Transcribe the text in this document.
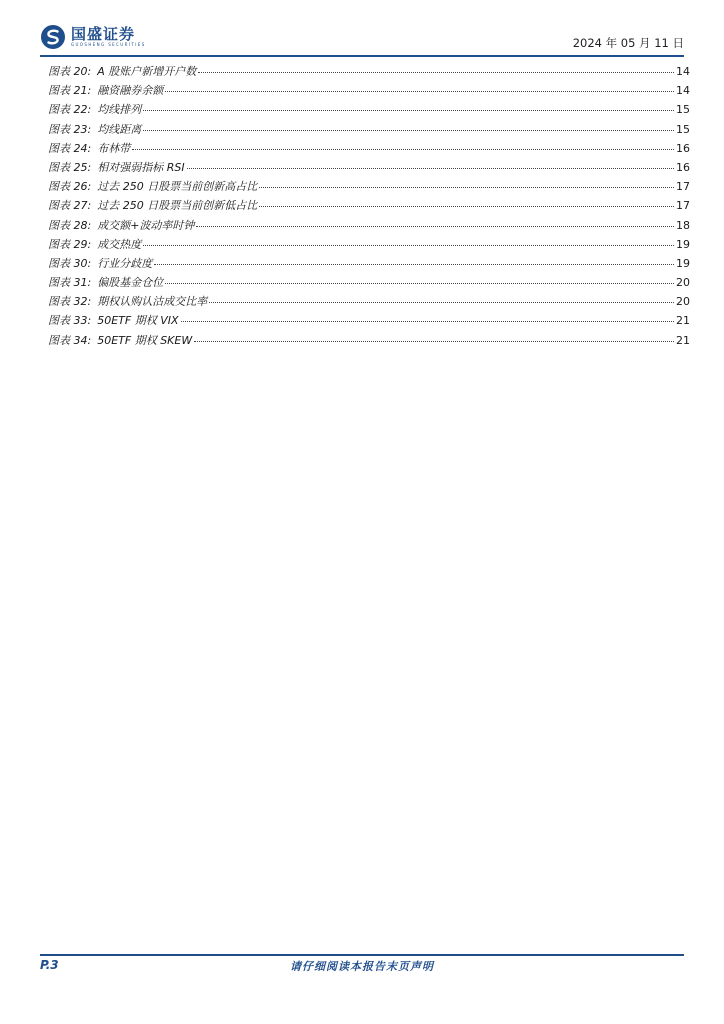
国盛证券
GUOSHENG SECURITIES	2024 年 05 月 11 日
图表 20: A 股账户新增开户数	14
图表 21: 融资融券余额	14
图表 22: 均线排列	15
图表 23: 均线距离	15
图表 24: 布林带	16
图表 25: 相对强弱指标 RSI	16
图表 26: 过去 250 日股票当前创新高占比	17
图表 27: 过去 250 日股票当前创新低占比	17
图表 28: 成交额+波动率时钟	18
图表 29: 成交热度	19
图表 30: 行业分歧度	19
图表 31: 偏股基金仓位	20
图表 32: 期权认购认沽成交比率	20
图表 33: 50ETF 期权 VIX	21
图表 34: 50ETF 期权 SKEW	21
P.3	请仔细阅读本报告末页声明
